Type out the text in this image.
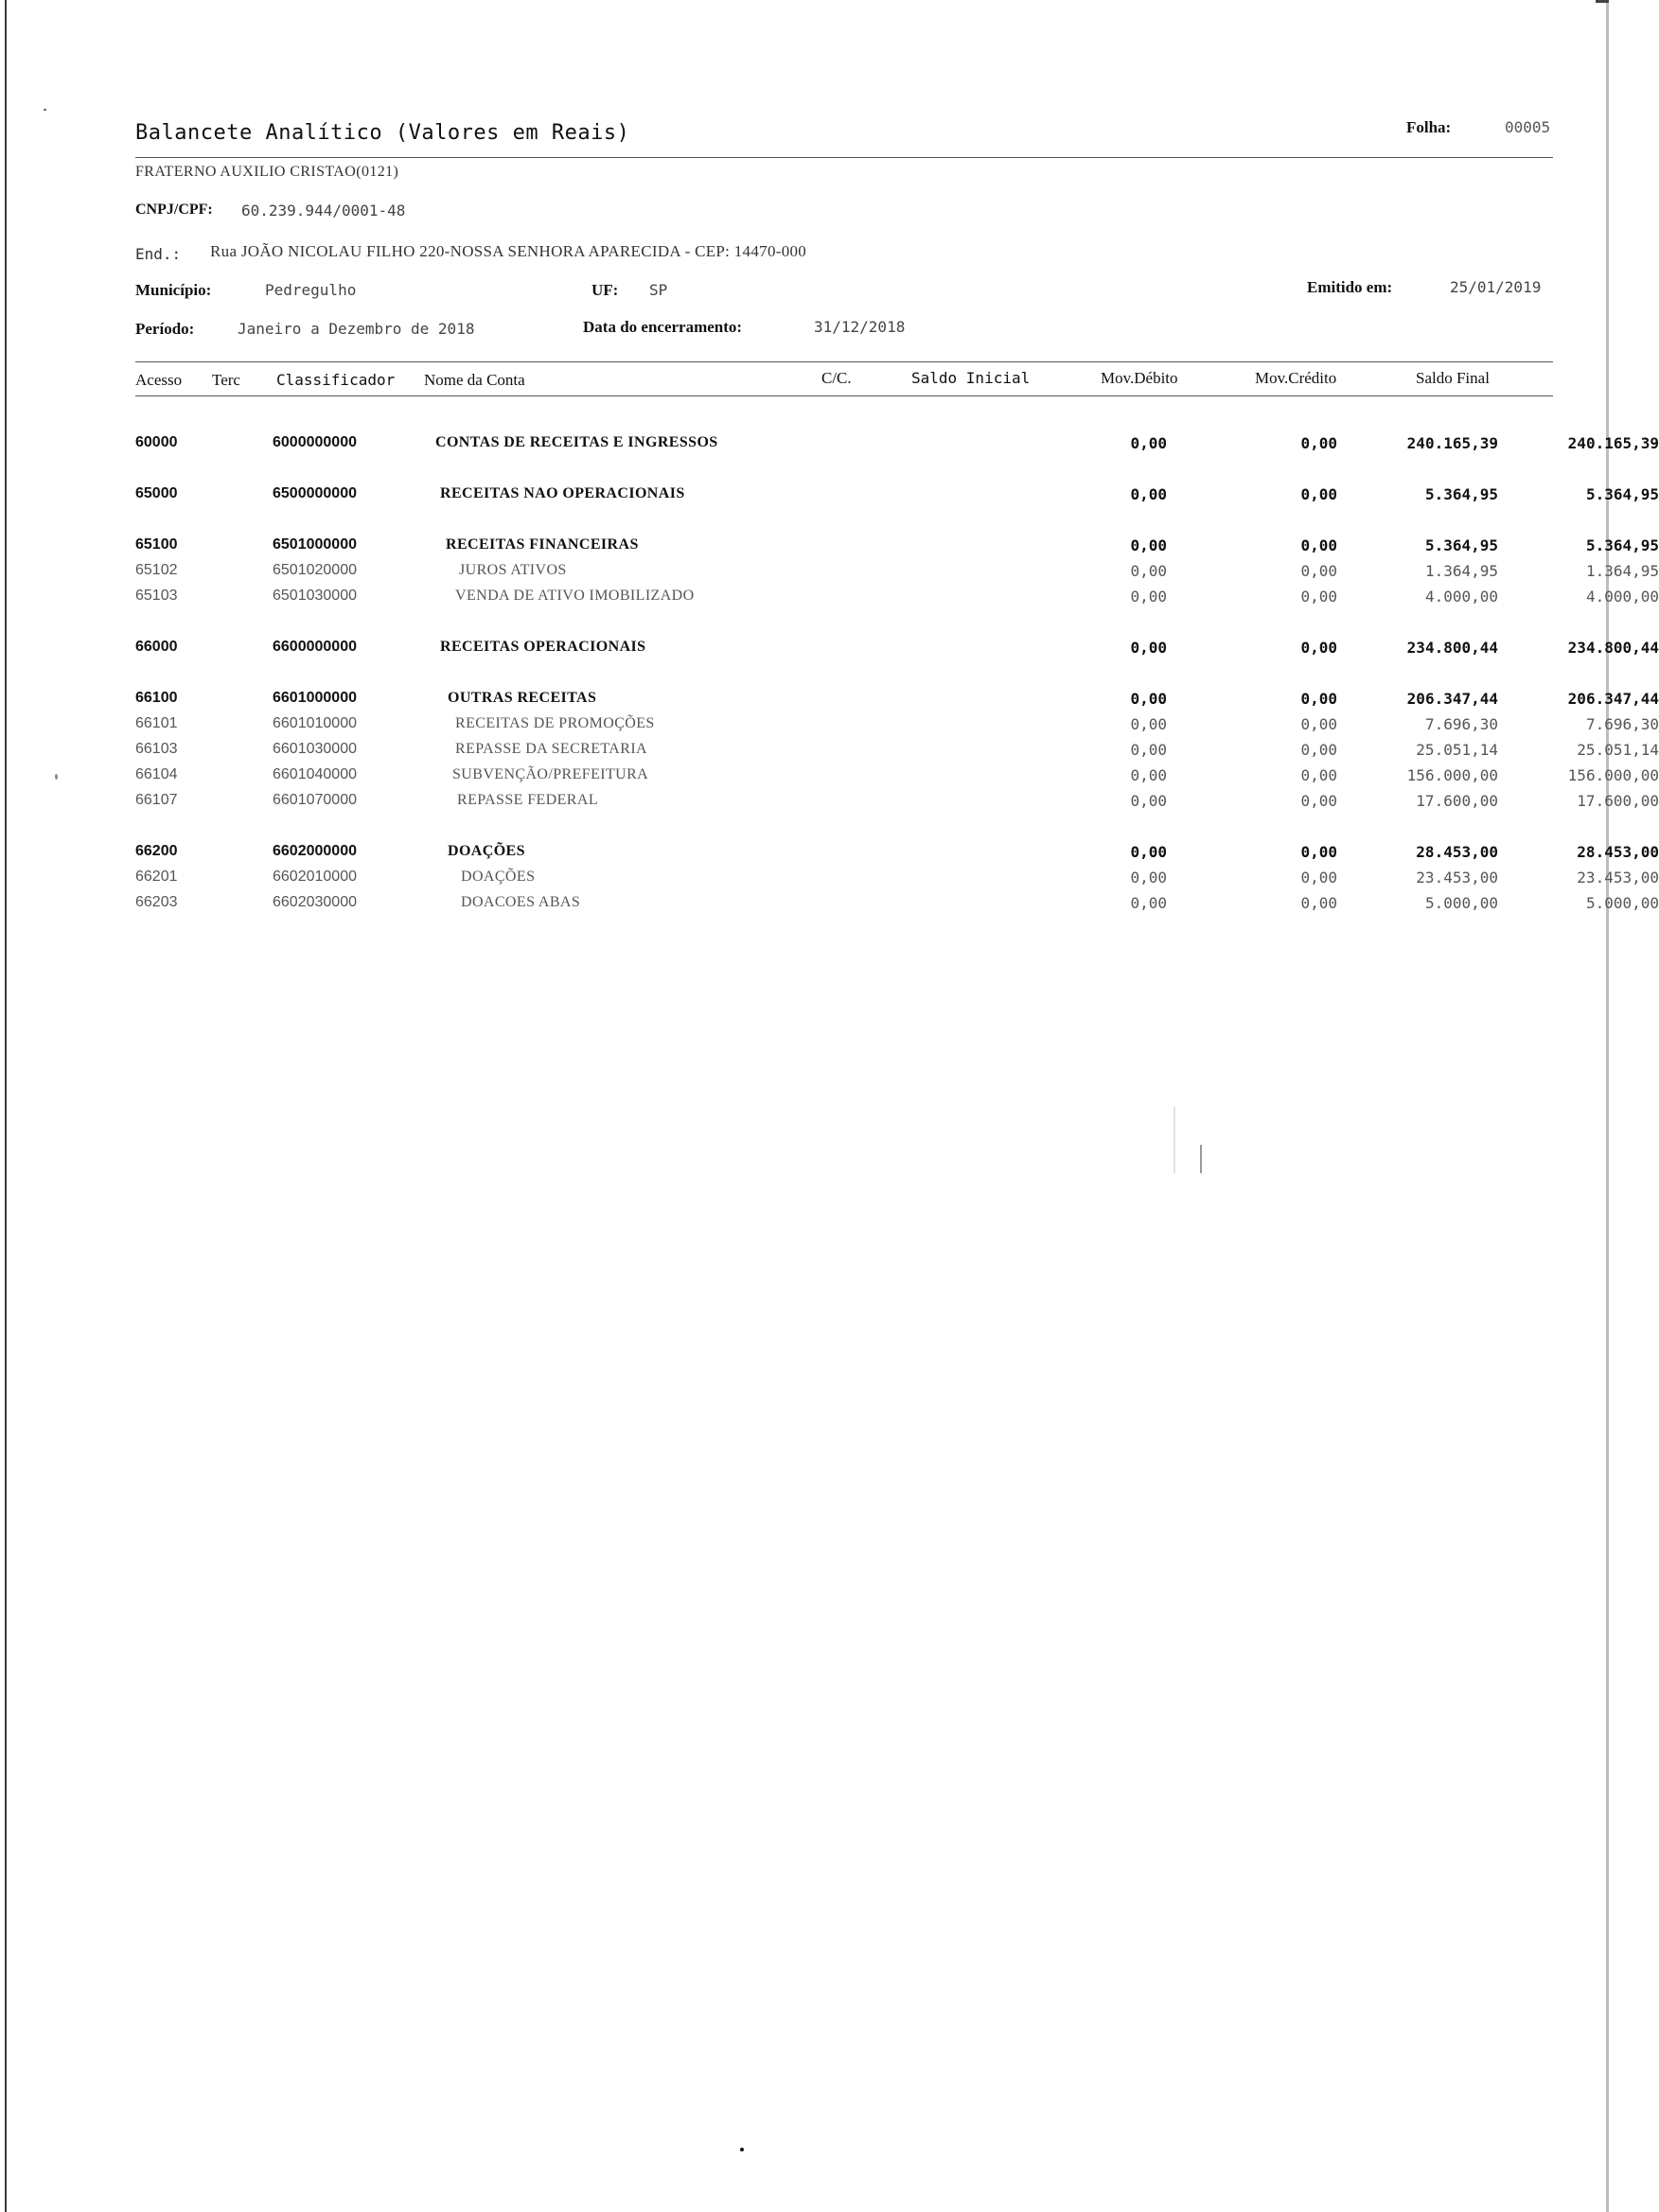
Balancete Analítico (Valores em Reais)	Folha:	00005
FRATERNO AUXILIO CRISTAO(0121)
CNPJ/CPF: 60.239.944/0001-48
End.: Rua JOÃO NICOLAU FILHO 220-NOSSA SENHORA APARECIDA - CEP: 14470-000
Município:	Pedregulho	UF: SP	Emitido em:	25/01/2019
Período:	Janeiro a Dezembro de 2018	Data do encerramento:	31/12/2018
Acesso Terc Classificador Nome da Conta	C/C.	Saldo Inicial	Mov.Débito	Mov.Crédito	Saldo Final
60000	6000000000	CONTAS DE RECEITAS E INGRESSOS	0,00	0,00	240.165,39	240.165,39
65000	6500000000	RECEITAS NAO OPERACIONAIS	0,00	0,00	5.364,95	5.364,95
65100	6501000000	RECEITAS FINANCEIRAS	0,00	0,00	5.364,95	5.364,95
65102	6501020000	JUROS ATIVOS	0,00	0,00	1.364,95	1.364,95
65103	6501030000	VENDA DE ATIVO IMOBILIZADO	0,00	0,00	4.000,00	4.000,00
66000	6600000000	RECEITAS OPERACIONAIS	0,00	0,00	234.800,44	234.800,44
66100	6601000000	OUTRAS RECEITAS	0,00	0,00	206.347,44	206.347,44
66101	6601010000	RECEITAS DE PROMOÇÕES	0,00	0,00	7.696,30	7.696,30
66103	6601030000	REPASSE DA SECRETARIA	0,00	0,00	25.051,14	25.051,14
66104	6601040000	SUBVENÇÃO/PREFEITURA	0,00	0,00	156.000,00	156.000,00
66107	6601070000	REPASSE FEDERAL	0,00	0,00	17.600,00	17.600,00
66200	6602000000	DOAÇÕES	0,00	0,00	28.453,00	28.453,00
66201	6602010000	DOAÇÕES	0,00	0,00	23.453,00	23.453,00
66203	6602030000	DOACOES ABAS	0,00	0,00	5.000,00	5.000,00
